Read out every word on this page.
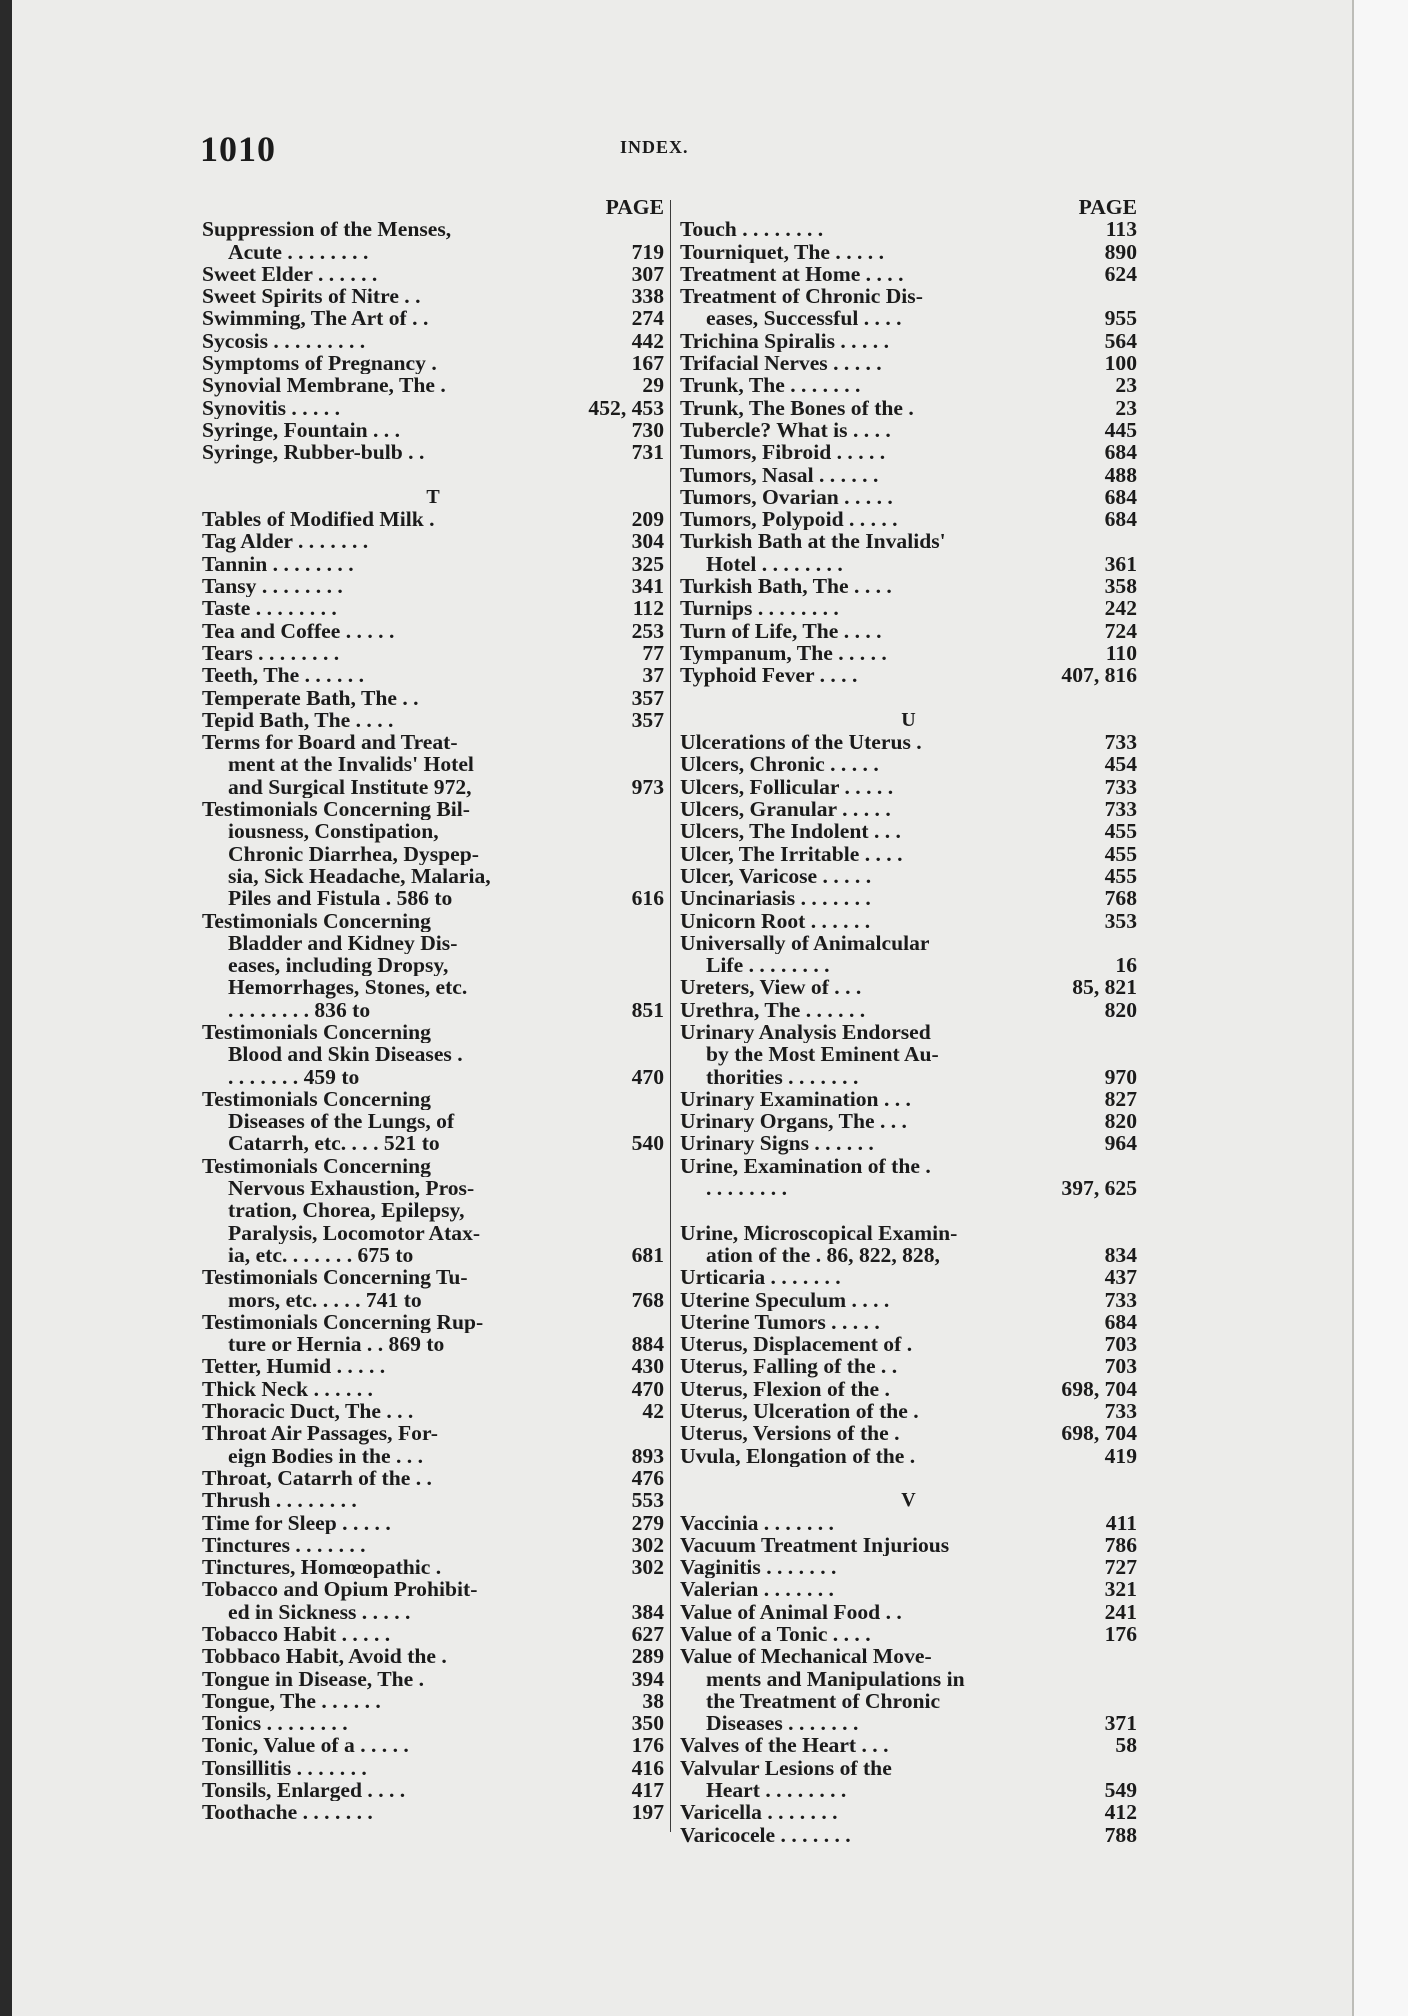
1010	INDEX.
PAGE
Suppression of the Menses,
Acute . . . . . . . .	719
Sweet Elder . . . . . .	307
Sweet Spirits of Nitre . .	338
Swimming, The Art of . .	274
Sycosis . . . . . . . . .	442
Symptoms of Pregnancy .	167
Synovial Membrane, The .	29
Synovitis . . . . .	452, 453
Syringe, Fountain . . .	730
Syringe, Rubber-bulb . .	731
T
Tables of Modified Milk .	209
Tag Alder . . . . . . .	304
Tannin . . . . . . . .	325
Tansy . . . . . . . .	341
Taste . . . . . . . .	112
Tea and Coffee . . . . .	253
Tears . . . . . . . .	77
Teeth, The . . . . . .	37
Temperate Bath, The . .	357
Tepid Bath, The . . . .	357
Terms for Board and Treat-
ment at the Invalids' Hotel
and Surgical Institute 972,	973
Testimonials Concerning Bil-
iousness, Constipation,
Chronic Diarrhea, Dyspep-
sia, Sick Headache, Malaria,
Piles and Fistula . 586 to	616
Testimonials Concerning
Bladder and Kidney Dis-
eases, including Dropsy,
Hemorrhages, Stones, etc.
. . . . . . . . 836 to	851
Testimonials Concerning
Blood and Skin Diseases .
. . . . . . . 459 to	470
Testimonials Concerning
Diseases of the Lungs, of
Catarrh, etc. . . . 521 to	540
Testimonials Concerning
Nervous Exhaustion, Pros-
tration, Chorea, Epilepsy,
Paralysis, Locomotor Atax-
ia, etc. . . . . . . 675 to	681
Testimonials Concerning Tu-
mors, etc. . . . . 741 to	768
Testimonials Concerning Rup-
ture or Hernia . . 869 to	884
Tetter, Humid . . . . .	430
Thick Neck . . . . . .	470
Thoracic Duct, The . . .	42
Throat Air Passages, For-
eign Bodies in the . . .	893
Throat, Catarrh of the . .	476
Thrush . . . . . . . .	553
Time for Sleep . . . . .	279
Tinctures . . . . . . .	302
Tinctures, Homœopathic .	302
Tobacco and Opium Prohibit-
ed in Sickness . . . . .	384
Tobacco Habit . . . . .	627
Tobbaco Habit, Avoid the .	289
Tongue in Disease, The .	394
Tongue, The . . . . . .	38
Tonics . . . . . . . .	350
Tonic, Value of a . . . . .	176
Tonsillitis . . . . . . .	416
Tonsils, Enlarged . . . .	417
Toothache . . . . . . .	197
PAGE
Touch . . . . . . . .	113
Tourniquet, The . . . . .	890
Treatment at Home . . . .	624
Treatment of Chronic Dis-
eases, Successful . . . .	955
Trichina Spiralis . . . . .	564
Trifacial Nerves . . . . .	100
Trunk, The . . . . . . .	23
Trunk, The Bones of the .	23
Tubercle? What is . . . .	445
Tumors, Fibroid . . . . .	684
Tumors, Nasal . . . . . .	488
Tumors, Ovarian . . . . .	684
Tumors, Polypoid . . . . .	684
Turkish Bath at the Invalids'
Hotel . . . . . . . .	361
Turkish Bath, The . . . .	358
Turnips . . . . . . . .	242
Turn of Life, The . . . .	724
Tympanum, The . . . . .	110
Typhoid Fever . . . .	407, 816
U
Ulcerations of the Uterus .	733
Ulcers, Chronic . . . . .	454
Ulcers, Follicular . . . . .	733
Ulcers, Granular . . . . .	733
Ulcers, The Indolent . . .	455
Ulcer, The Irritable . . . .	455
Ulcer, Varicose . . . . .	455
Uncinariasis . . . . . . .	768
Unicorn Root . . . . . .	353
Universally of Animalcular
Life . . . . . . . .	16
Ureters, View of . . .	85, 821
Urethra, The . . . . . .	820
Urinary Analysis Endorsed
by the Most Eminent Au-
thorities . . . . . . .	970
Urinary Examination . . .	827
Urinary Organs, The . . .	820
Urinary Signs . . . . . .	964
Urine, Examination of the .
. . . . . . . .	397, 625
Urine, Microscopical Examin-
ation of the . 86, 822, 828,	834
Urticaria . . . . . . .	437
Uterine Speculum . . . .	733
Uterine Tumors . . . . .	684
Uterus, Displacement of .	703
Uterus, Falling of the . .	703
Uterus, Flexion of the .	698, 704
Uterus, Ulceration of the .	733
Uterus, Versions of the .	698, 704
Uvula, Elongation of the .	419
V
Vaccinia . . . . . . .	411
Vacuum Treatment Injurious	786
Vaginitis . . . . . . .	727
Valerian . . . . . . .	321
Value of Animal Food . .	241
Value of a Tonic . . . .	176
Value of Mechanical Move-
ments and Manipulations in
the Treatment of Chronic
Diseases . . . . . . .	371
Valves of the Heart . . .	58
Valvular Lesions of the
Heart . . . . . . . .	549
Varicella . . . . . . .	412
Varicocele . . . . . . .	788
